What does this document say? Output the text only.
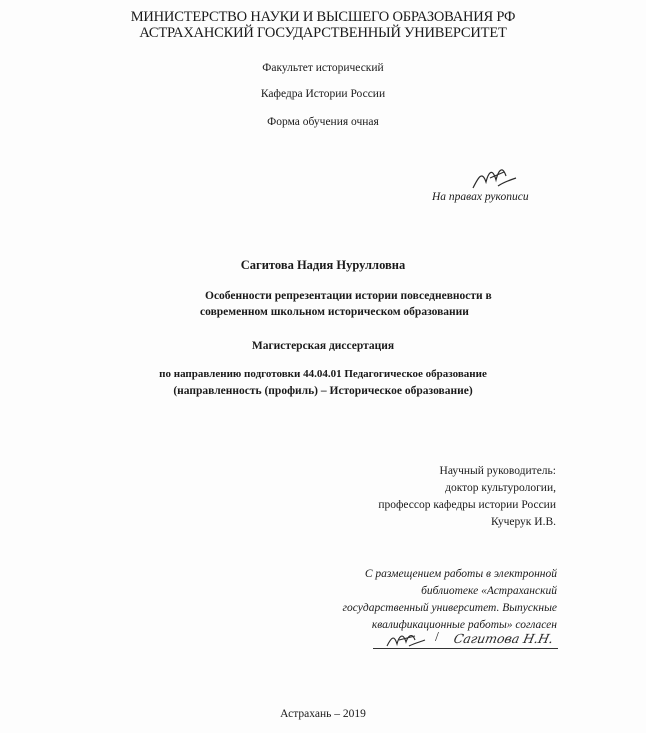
МИНИСТЕРСТВО НАУКИ И ВЫСШЕГО ОБРАЗОВАНИЯ РФ
АСТРАХАНСКИЙ ГОСУДАРСТВЕННЫЙ УНИВЕРСИТЕТ
Факультет исторический
Кафедра Истории России
Форма обучения очная
На правах рукописи
Сагитова Надия Нурулловна
Особенности репрезентации истории повседневности в
современном школьном историческом образовании
Магистерская диссертация
по направлению подготовки 44.04.01 Педагогическое образование
(направленность (профиль) – Историческое образование)
Научный руководитель:
доктор культурологии,
профессор кафедры истории России
Кучерук И.В.
С размещением работы в электронной
библиотеке «Астраханский
государственный университет. Выпускные
квалификационные работы» согласен
/ Сагитова Н.Н.
Астрахань – 2019
